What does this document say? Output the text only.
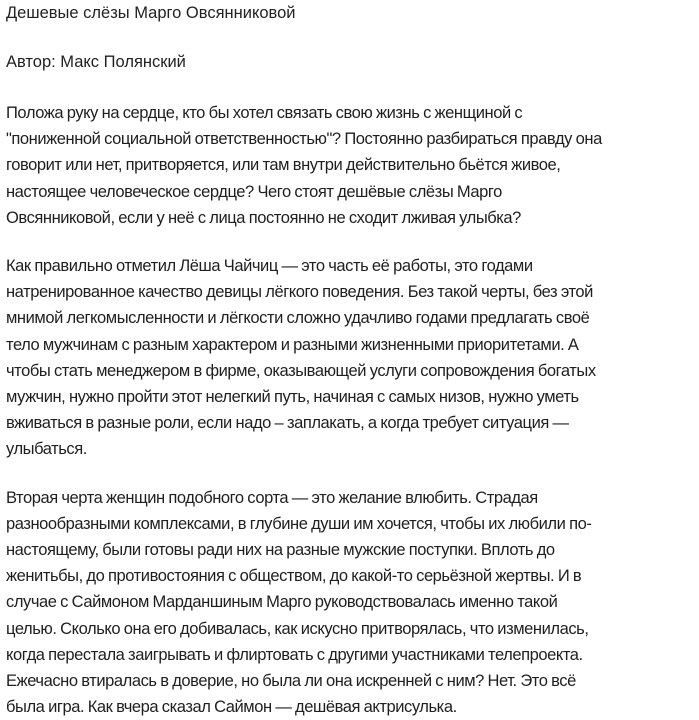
Дешевые слёзы Марго Овсянниковой

Автор: Макс Полянский

Положа руку на сердце, кто бы хотел связать свою жизнь с женщиной с
"пониженной социальной ответственностью"? Постоянно разбираться правду она
говорит или нет, притворяется, или там внутри действительно бьётся живое,
настоящее человеческое сердце? Чего стоят дешёвые слёзы Марго
Овсянниковой, если у неё с лица постоянно не сходит лживая улыбка?

Как правильно отметил Лёша Чайчиц — это часть её работы, это годами
натренированное качество девицы лёгкого поведения. Без такой черты, без этой
мнимой легкомысленности и лёгкости сложно удачливо годами предлагать своё
тело мужчинам с разным характером и разными жизненными приоритетами. А
чтобы стать менеджером в фирме, оказывающей услуги сопровождения богатых
мужчин, нужно пройти этот нелегкий путь, начиная с самых низов, нужно уметь
вживаться в разные роли, если надо – заплакать, а когда требует ситуация —
улыбаться.

Вторая черта женщин подобного сорта — это желание влюбить. Страдая
разнообразными комплексами, в глубине души им хочется, чтобы их любили по-
настоящему, были готовы ради них на разные мужские поступки. Вплоть до
женитьбы, до противостояния с обществом, до какой-то серьёзной жертвы. И в
случае с Саймоном Марданшиным Марго руководствовалась именно такой
целью. Сколько она его добивалась, как искусно притворялась, что изменилась,
когда перестала заигрывать и флиртовать с другими участниками телепроекта.
Ежечасно втиралась в доверие, но была ли она искренней с ним? Нет. Это всё
была игра. Как вчера сказал Саймон — дешёвая актрисулька.
